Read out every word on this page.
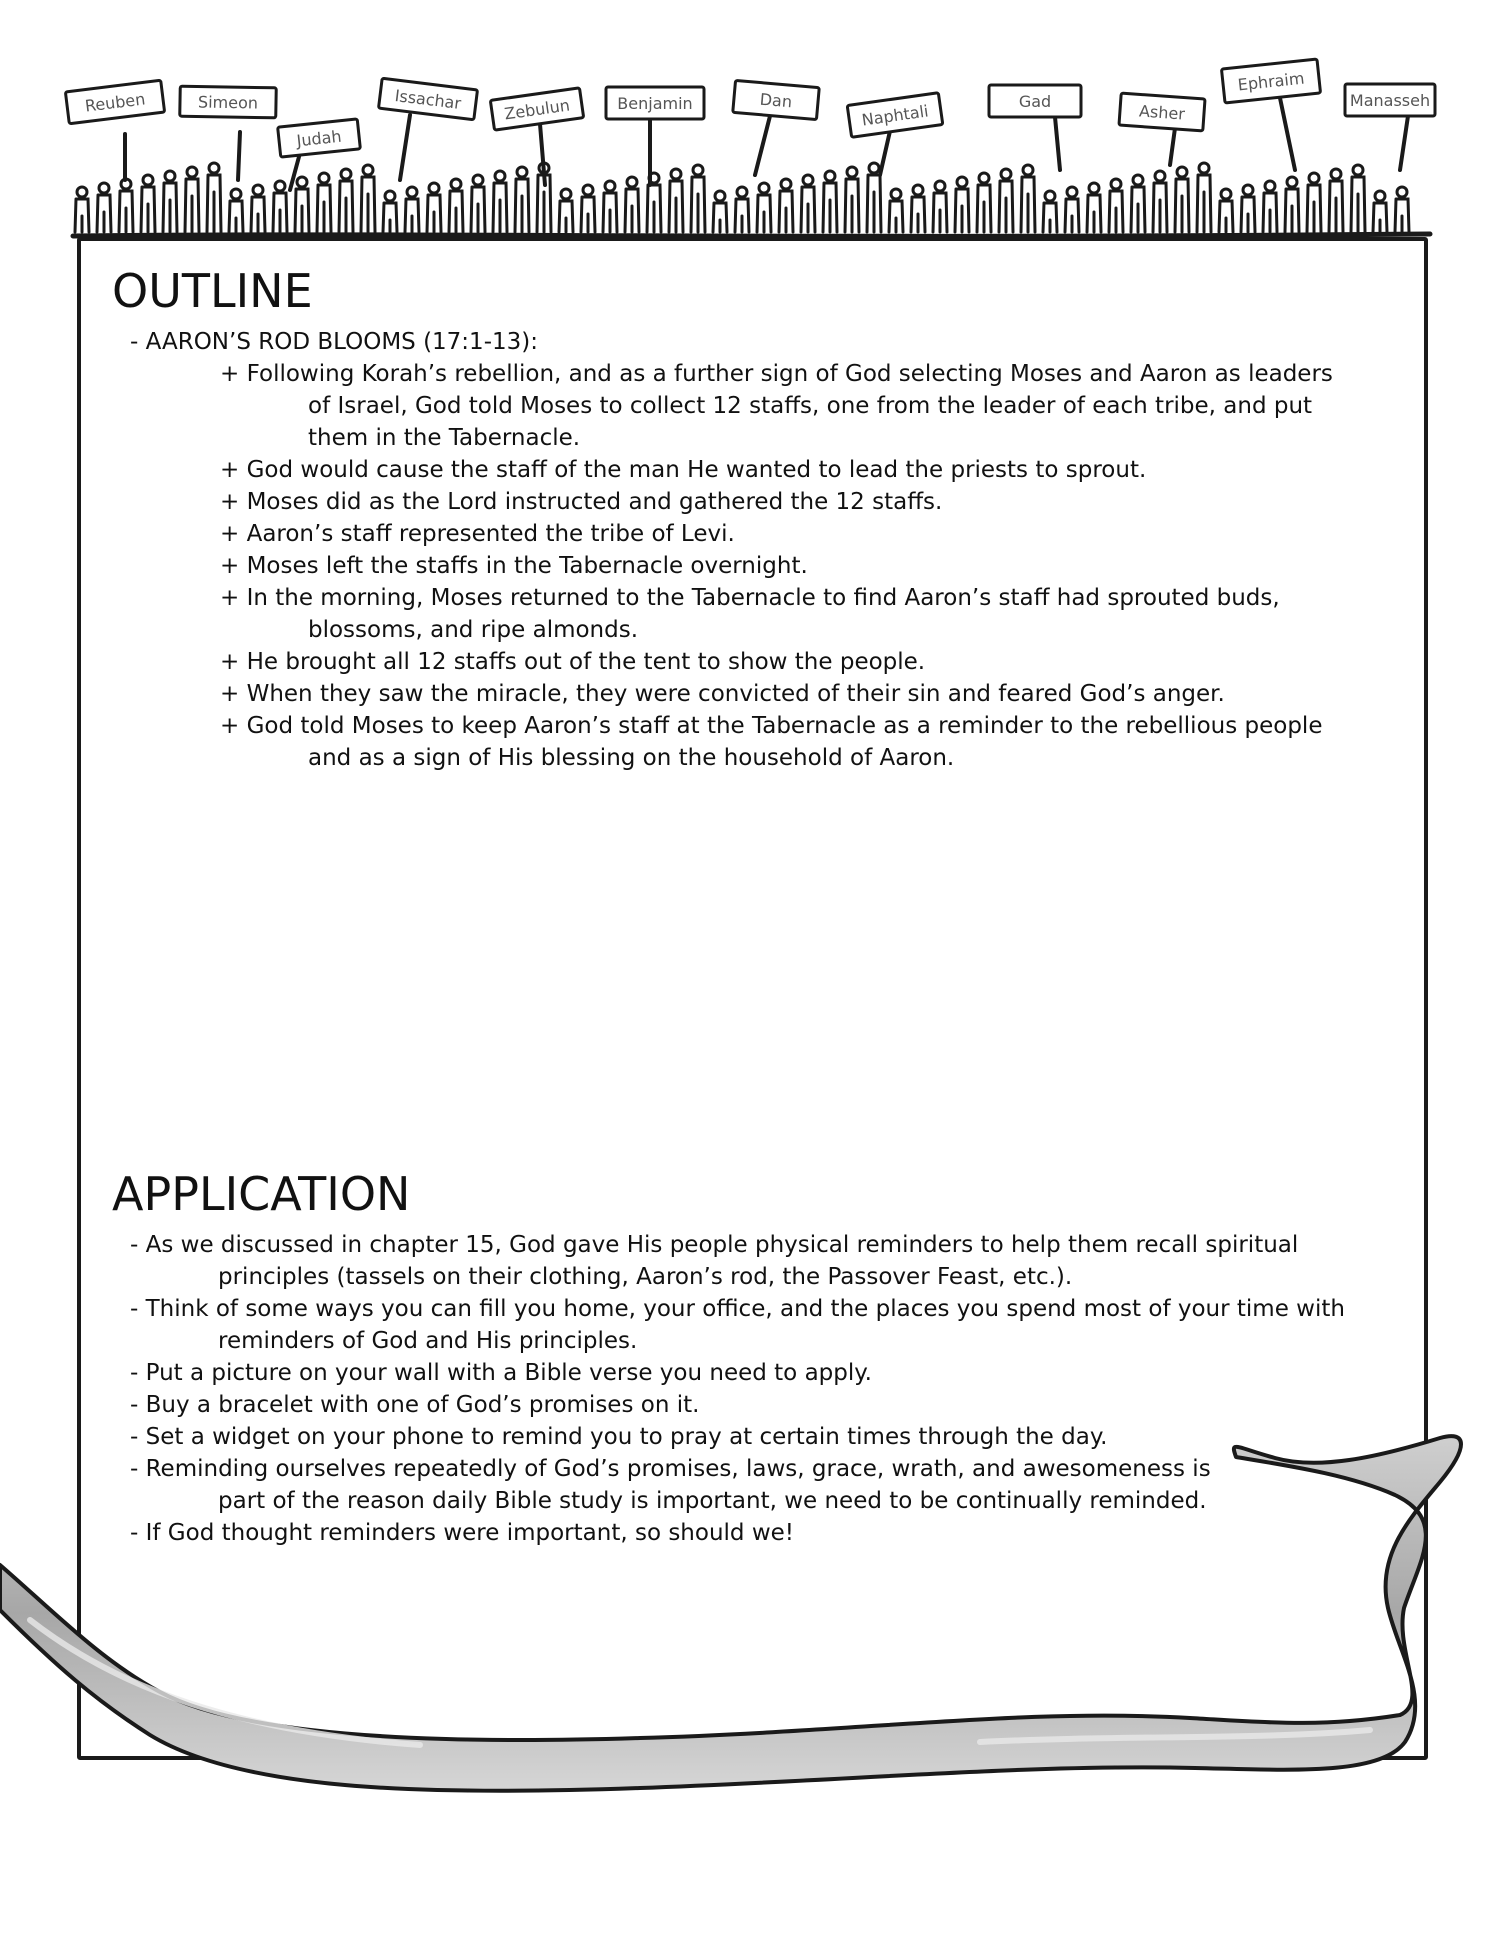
Reuben	Simeon
Judah
Issachar	Zebulun	Benjamin	Dan
Naphtali	Gad	Asher
Ephraim
Manasseh
OUTLINE
- AARON’S ROD BLOOMS (17:1-13):
+ Following Korah’s rebellion, and as a further sign of God selecting Moses and Aaron as leaders
of Israel, God told Moses to collect 12 staffs, one from the leader of each tribe, and put
them in the Tabernacle.
+ God would cause the staff of the man He wanted to lead the priests to sprout.
+ Moses did as the Lord instructed and gathered the 12 staffs.
+ Aaron’s staff represented the tribe of Levi.
+ Moses left the staffs in the Tabernacle overnight.
+ In the morning, Moses returned to the Tabernacle to find Aaron’s staff had sprouted buds,
blossoms, and ripe almonds.
+ He brought all 12 staffs out of the tent to show the people.
+ When they saw the miracle, they were convicted of their sin and feared God’s anger.
+ God told Moses to keep Aaron’s staff at the Tabernacle as a reminder to the rebellious people
and as a sign of His blessing on the household of Aaron.
APPLICATION
- As we discussed in chapter 15, God gave His people physical reminders to help them recall spiritual
principles (tassels on their clothing, Aaron’s rod, the Passover Feast, etc.).
- Think of some ways you can fill you home, your office, and the places you spend most of your time with
reminders of God and His principles.
- Put a picture on your wall with a Bible verse you need to apply.
- Buy a bracelet with one of God’s promises on it.
- Set a widget on your phone to remind you to pray at certain times through the day.
- Reminding ourselves repeatedly of God’s promises, laws, grace, wrath, and awesomeness is
part of the reason daily Bible study is important, we need to be continually reminded.
- If God thought reminders were important, so should we!
